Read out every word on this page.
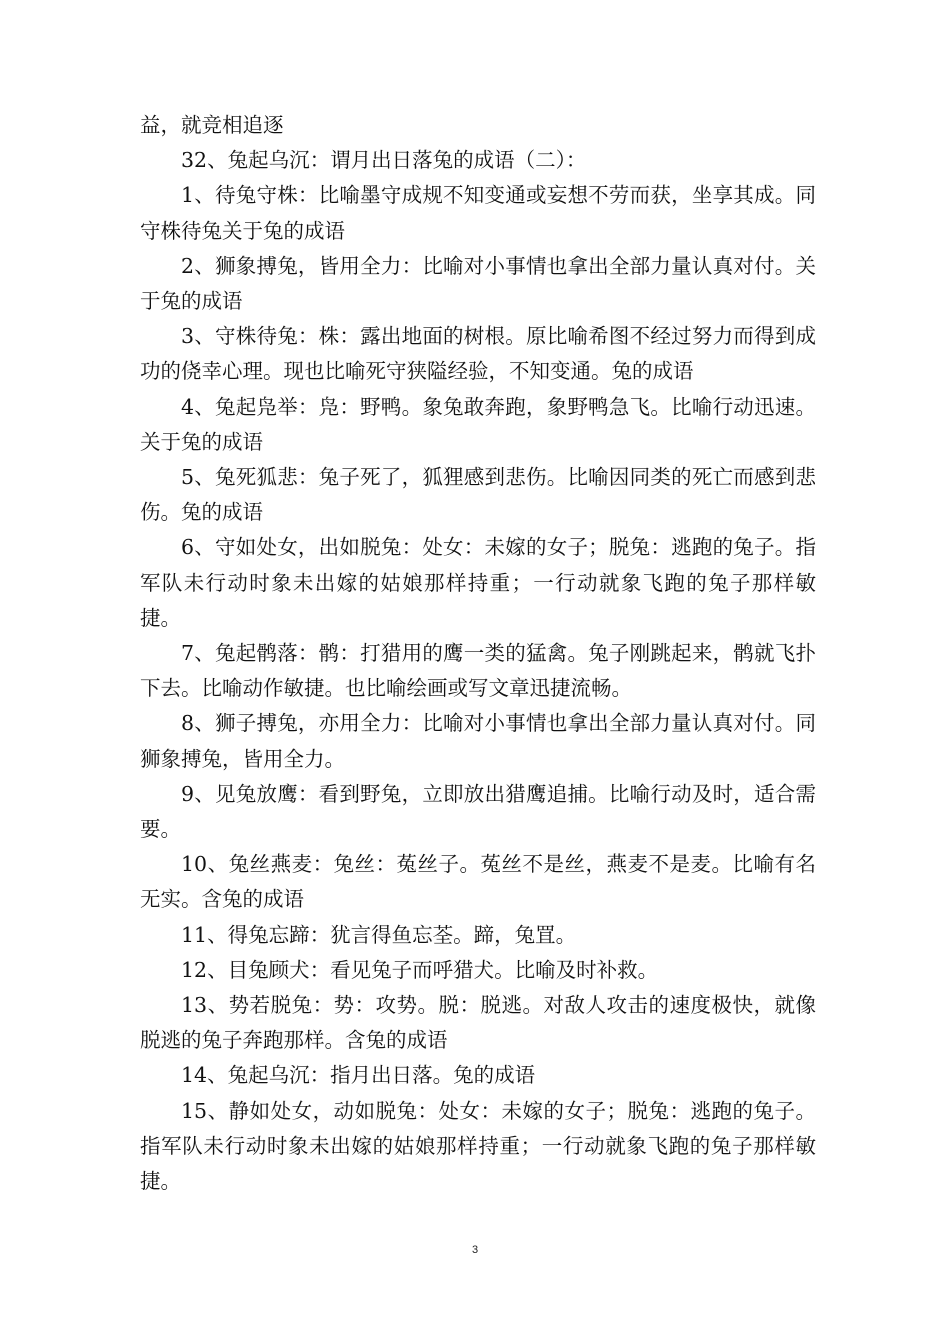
益，就竞相追逐

32、兔起乌沉：谓月出日落兔的成语（二）：

1、待兔守株：比喻墨守成规不知变通或妄想不劳而获，坐享其成。同守株待兔关于兔的成语

2、狮象搏兔，皆用全力：比喻对小事情也拿出全部力量认真对付。关于兔的成语

3、守株待兔：株：露出地面的树根。原比喻希图不经过努力而得到成功的侥幸心理。现也比喻死守狭隘经验，不知变通。兔的成语

4、兔起凫举：凫：野鸭。象兔敢奔跑，象野鸭急飞。比喻行动迅速。关于兔的成语

5、兔死狐悲：兔子死了，狐狸感到悲伤。比喻因同类的死亡而感到悲伤。兔的成语

6、守如处女，出如脱兔：处女：未嫁的女子；脱兔：逃跑的兔子。指军队未行动时象未出嫁的姑娘那样持重；一行动就象飞跑的兔子那样敏捷。

7、兔起鹘落：鹘：打猎用的鹰一类的猛禽。兔子刚跳起来，鹘就飞扑下去。比喻动作敏捷。也比喻绘画或写文章迅捷流畅。

8、狮子搏兔，亦用全力：比喻对小事情也拿出全部力量认真对付。同狮象搏兔，皆用全力。

9、见兔放鹰：看到野兔，立即放出猎鹰追捕。比喻行动及时，适合需要。

10、兔丝燕麦：兔丝：菟丝子。菟丝不是丝，燕麦不是麦。比喻有名无实。含兔的成语

11、得兔忘蹄：犹言得鱼忘荃。蹄，兔罝。

12、目兔顾犬：看见兔子而呼猎犬。比喻及时补救。

13、势若脱兔：势：攻势。脱：脱逃。对敌人攻击的速度极快，就像脱逃的兔子奔跑那样。含兔的成语

14、兔起乌沉：指月出日落。兔的成语

15、静如处女，动如脱兔：处女：未嫁的女子；脱兔：逃跑的兔子。指军队未行动时象未出嫁的姑娘那样持重；一行动就象飞跑的兔子那样敏捷。

3
